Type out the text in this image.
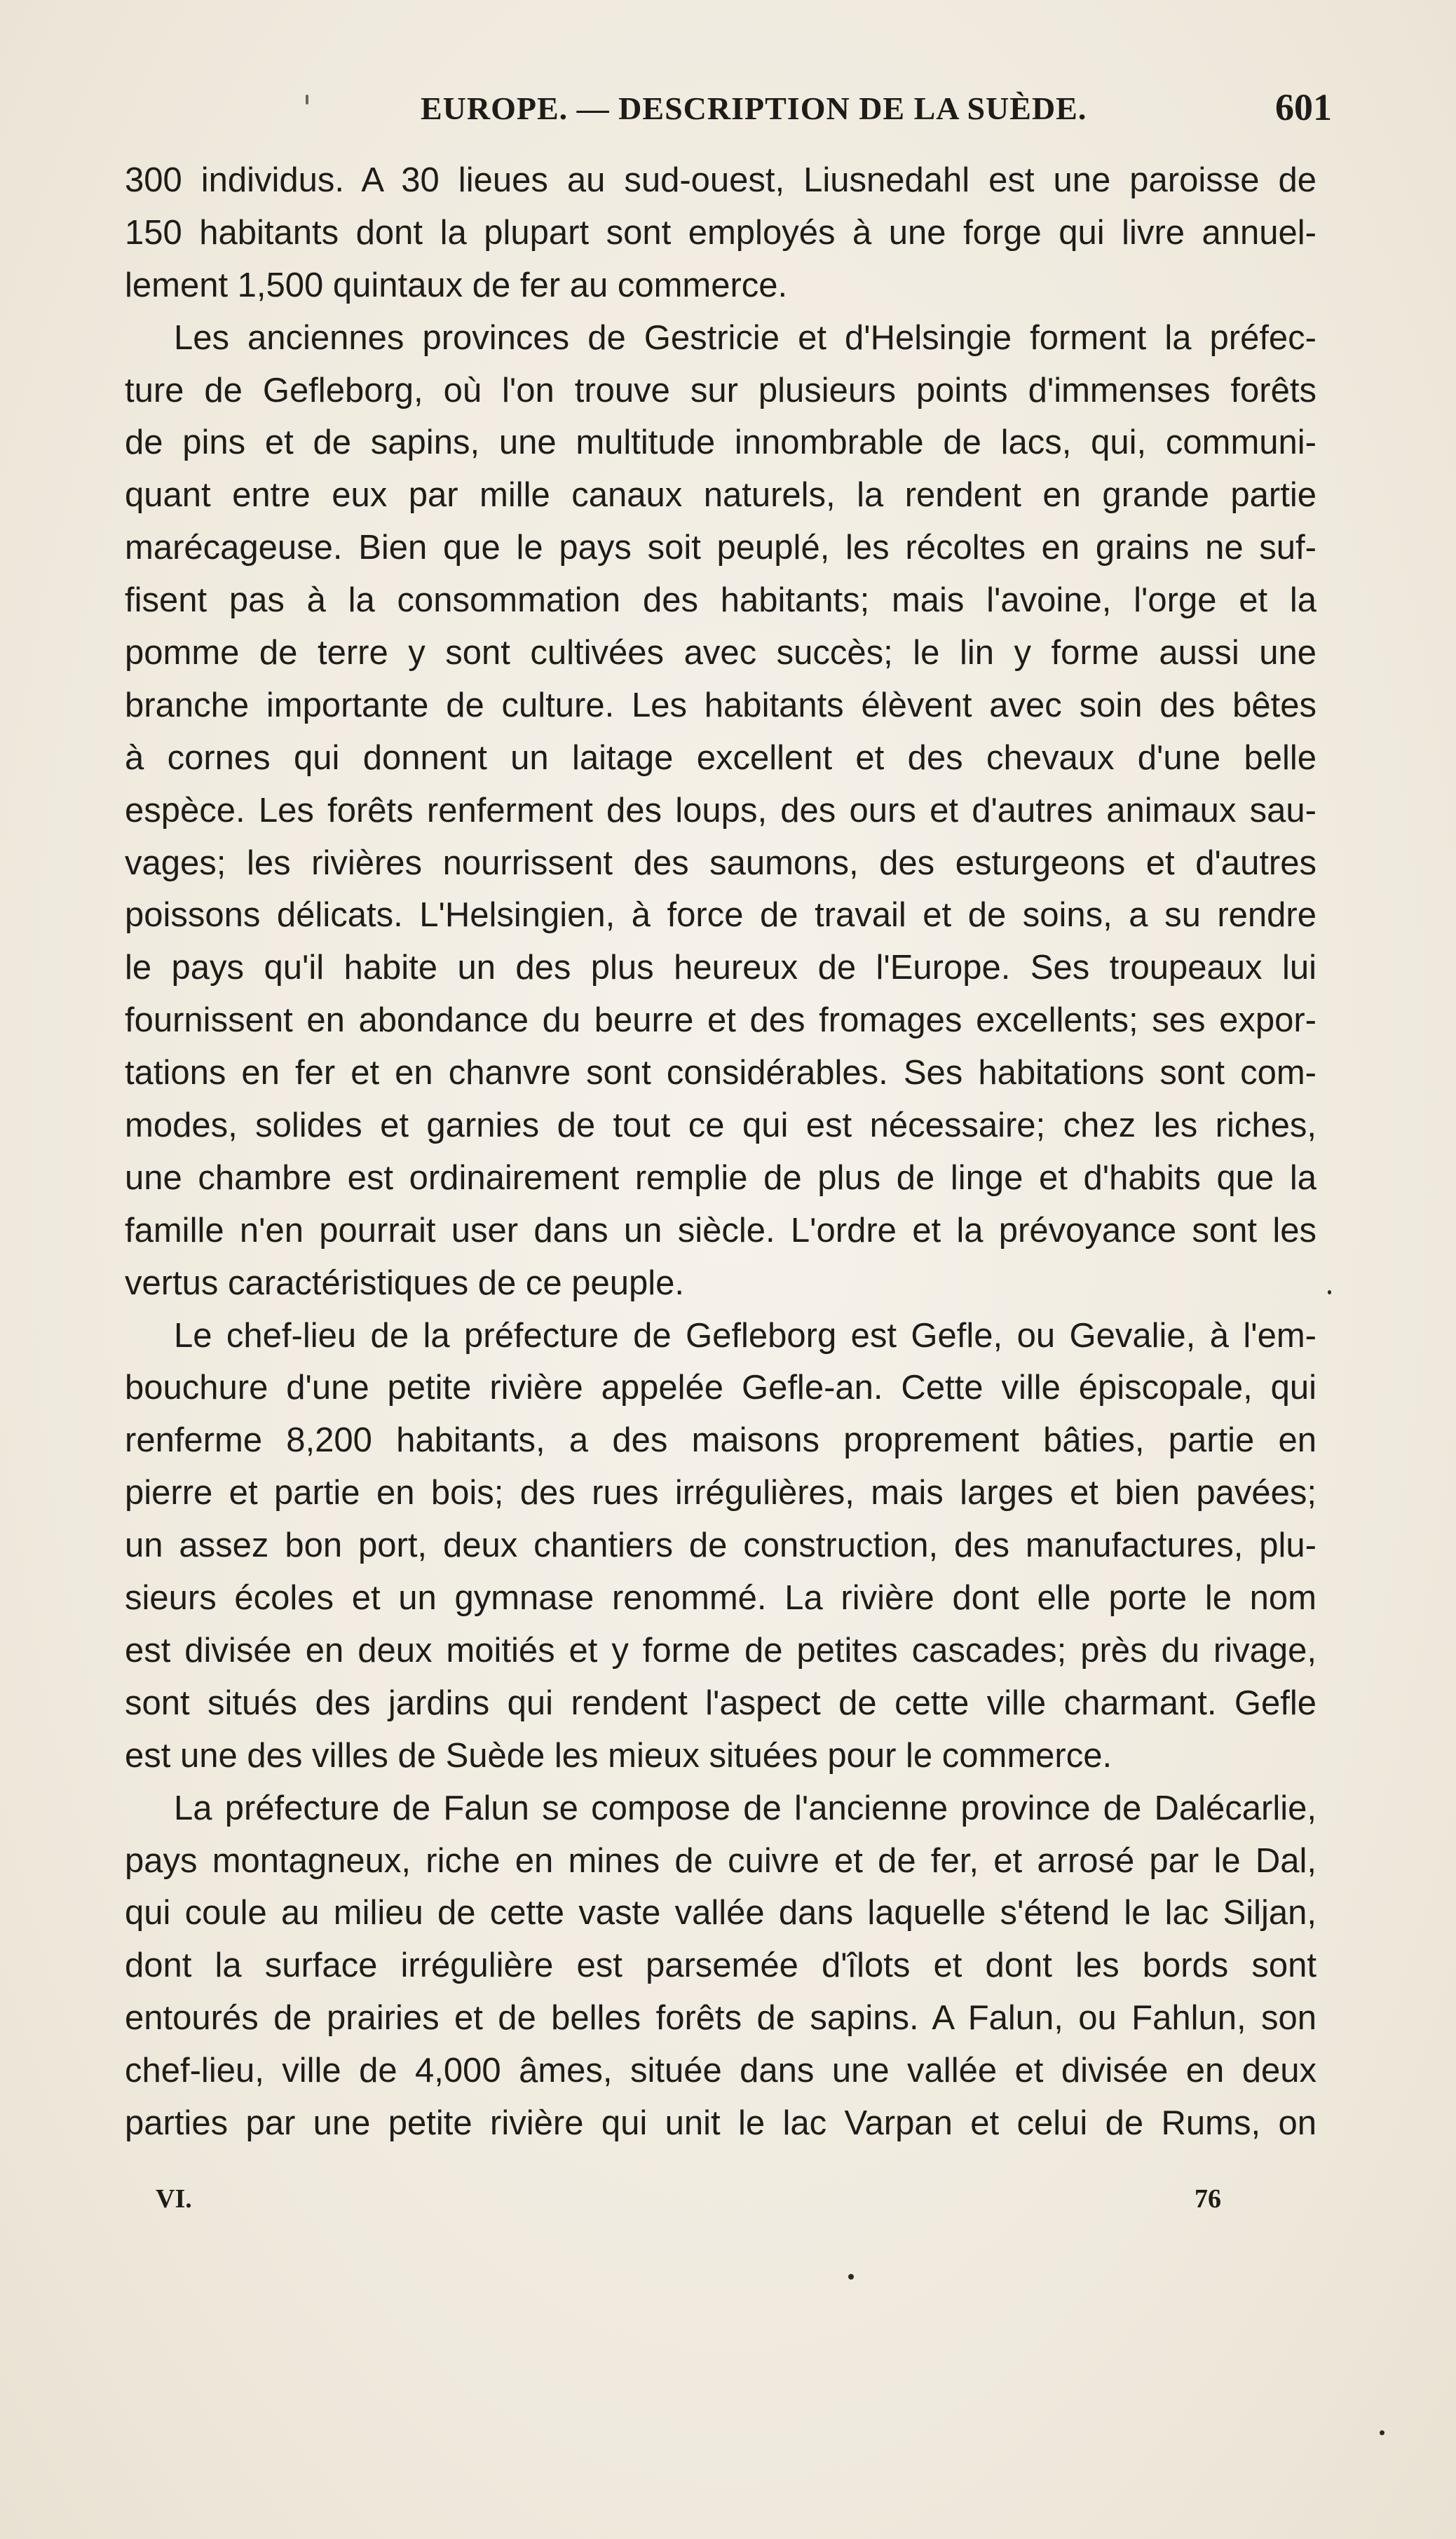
EUROPE. — DESCRIPTION DE LA SUÈDE.	601
300 individus. A 30 lieues au sud-ouest, Liusnedahl est une paroisse de
150 habitants dont la plupart sont employés à une forge qui livre annuel-
lement 1,500 quintaux de fer au commerce.
Les anciennes provinces de Gestricie et d'Helsingie forment la préfec-
ture de Gefleborg, où l'on trouve sur plusieurs points d'immenses forêts
de pins et de sapins, une multitude innombrable de lacs, qui, communi-
quant entre eux par mille canaux naturels, la rendent en grande partie
marécageuse. Bien que le pays soit peuplé, les récoltes en grains ne suf-
fisent pas à la consommation des habitants; mais l'avoine, l'orge et la
pomme de terre y sont cultivées avec succès; le lin y forme aussi une
branche importante de culture. Les habitants élèvent avec soin des bêtes
à cornes qui donnent un laitage excellent et des chevaux d'une belle
espèce. Les forêts renferment des loups, des ours et d'autres animaux sau-
vages; les rivières nourrissent des saumons, des esturgeons et d'autres
poissons délicats. L'Helsingien, à force de travail et de soins, a su rendre
le pays qu'il habite un des plus heureux de l'Europe. Ses troupeaux lui
fournissent en abondance du beurre et des fromages excellents; ses expor-
tations en fer et en chanvre sont considérables. Ses habitations sont com-
modes, solides et garnies de tout ce qui est nécessaire; chez les riches,
une chambre est ordinairement remplie de plus de linge et d'habits que la
famille n'en pourrait user dans un siècle. L'ordre et la prévoyance sont les
vertus caractéristiques de ce peuple.
Le chef-lieu de la préfecture de Gefleborg est Gefle, ou Gevalie, à l'em-
bouchure d'une petite rivière appelée Gefle-an. Cette ville épiscopale, qui
renferme 8,200 habitants, a des maisons proprement bâties, partie en
pierre et partie en bois; des rues irrégulières, mais larges et bien pavées;
un assez bon port, deux chantiers de construction, des manufactures, plu-
sieurs écoles et un gymnase renommé. La rivière dont elle porte le nom
est divisée en deux moitiés et y forme de petites cascades; près du rivage,
sont situés des jardins qui rendent l'aspect de cette ville charmant. Gefle
est une des villes de Suède les mieux situées pour le commerce.
La préfecture de Falun se compose de l'ancienne province de Dalécarlie,
pays montagneux, riche en mines de cuivre et de fer, et arrosé par le Dal,
qui coule au milieu de cette vaste vallée dans laquelle s'étend le lac Siljan,
dont la surface irrégulière est parsemée d'îlots et dont les bords sont
entourés de prairies et de belles forêts de sapins. A Falun, ou Fahlun, son
chef-lieu, ville de 4,000 âmes, située dans une vallée et divisée en deux
parties par une petite rivière qui unit le lac Varpan et celui de Rums, on
VI.	76
